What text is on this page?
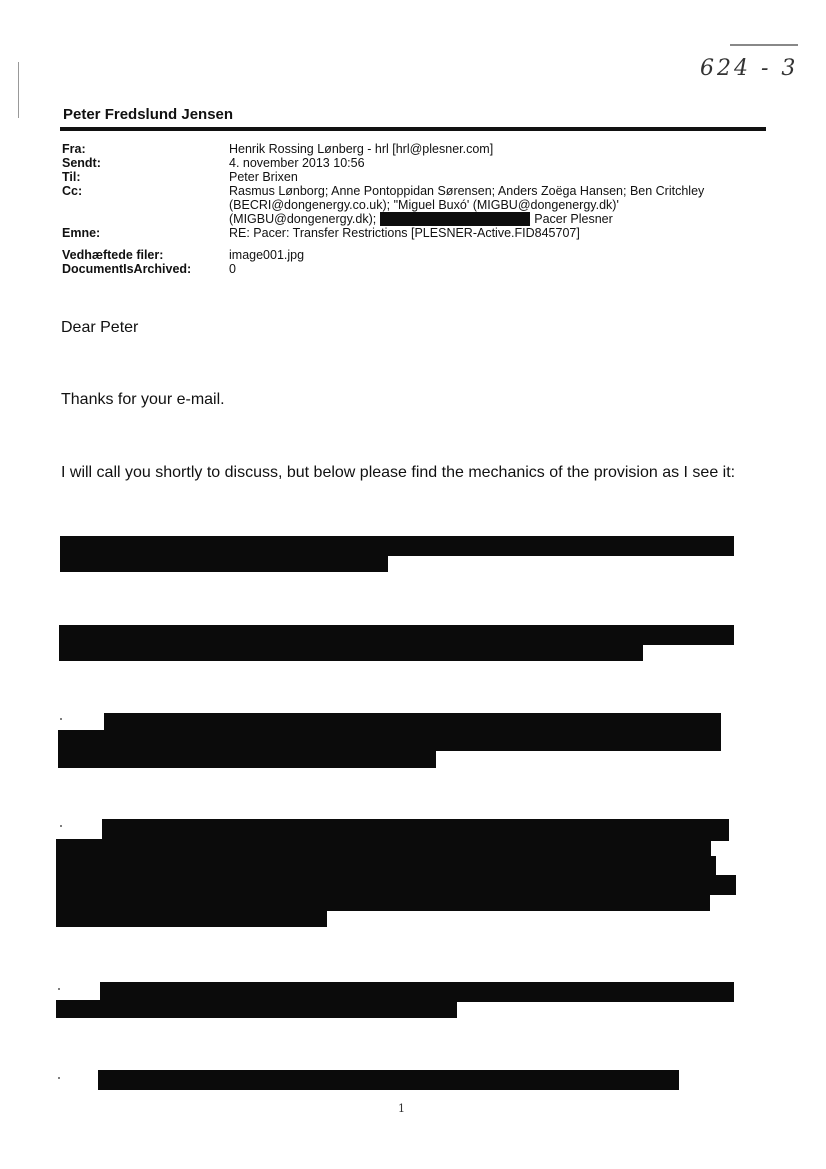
624 - 3
Peter Fredslund Jensen
Fra:	Henrik Rossing Lønberg - hrl [hrl@plesner.com]
Sendt:	4. november 2013 10:56
Til:	Peter Brixen
Cc:	Rasmus Lønborg; Anne Pontoppidan Sørensen; Anders Zoëga Hansen; Ben Critchley
(BECRI@dongenergy.co.uk); "Miguel Buxó' (MIGBU@dongenergy.dk)'
(MIGBU@dongenergy.dk);	Pacer Plesner
Emne:	RE: Pacer: Transfer Restrictions [PLESNER-Active.FID845707]
Vedhæftede filer:	image001.jpg
DocumentIsArchived:	0
Dear Peter
Thanks for your e-mail.
I will call you shortly to discuss, but below please find the mechanics of the provision as I see it:
1
